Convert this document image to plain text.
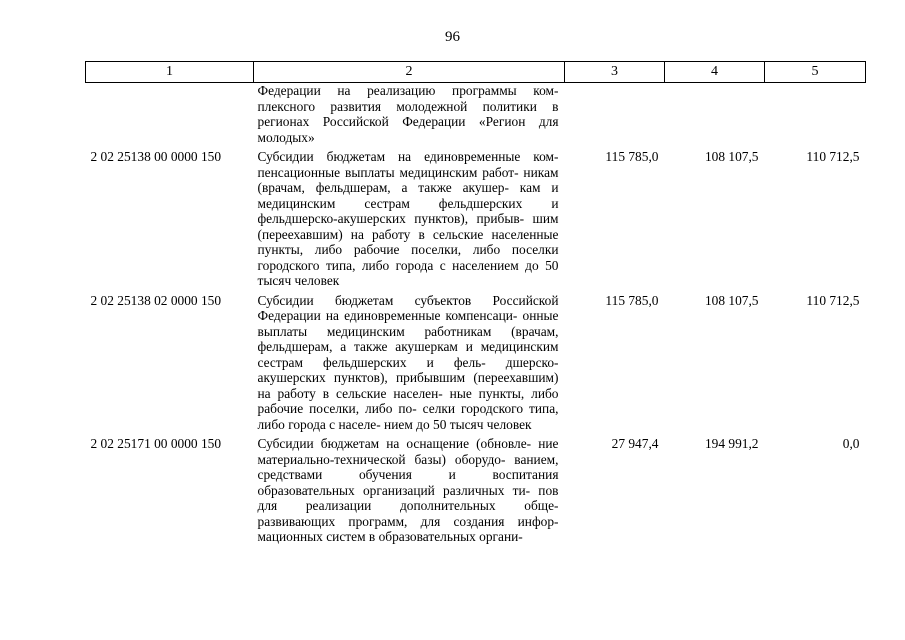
96
1	2	3	4	5
	Федерации на реализацию программы ком- плексного развития молодежной политики в регионах Российской Федерации «Регион для молодых»			
2 02 25138 00 0000 150	Субсидии бюджетам на единовременные ком- пенсационные выплаты медицинским работ- никам (врачам, фельдшерам, а также акушер- кам и медицинским сестрам фельдшерских и фельдшерско-акушерских пунктов), прибыв- шим (переехавшим) на работу в сельские населенные пункты, либо рабочие поселки, либо поселки городского типа, либо города с населением до 50 тысяч человек	115 785,0	108 107,5	110 712,5
2 02 25138 02 0000 150	Субсидии бюджетам субъектов Российской Федерации на единовременные компенсаци- онные выплаты медицинским работникам (врачам, фельдшерам, а также акушеркам и медицинским сестрам фельдшерских и фель- дшерско-акушерских пунктов), прибывшим (переехавшим) на работу в сельские населен- ные пункты, либо рабочие поселки, либо по- селки городского типа, либо города с населе- нием до 50 тысяч человек	115 785,0	108 107,5	110 712,5
2 02 25171 00 0000 150	Субсидии бюджетам на оснащение (обновле- ние материально-технической базы) оборудо- ванием, средствами обучения и воспитания образовательных организаций различных ти- пов для реализации дополнительных обще- развивающих программ, для создания инфор- мационных систем в образовательных органи-	27 947,4	194 991,2	0,0
